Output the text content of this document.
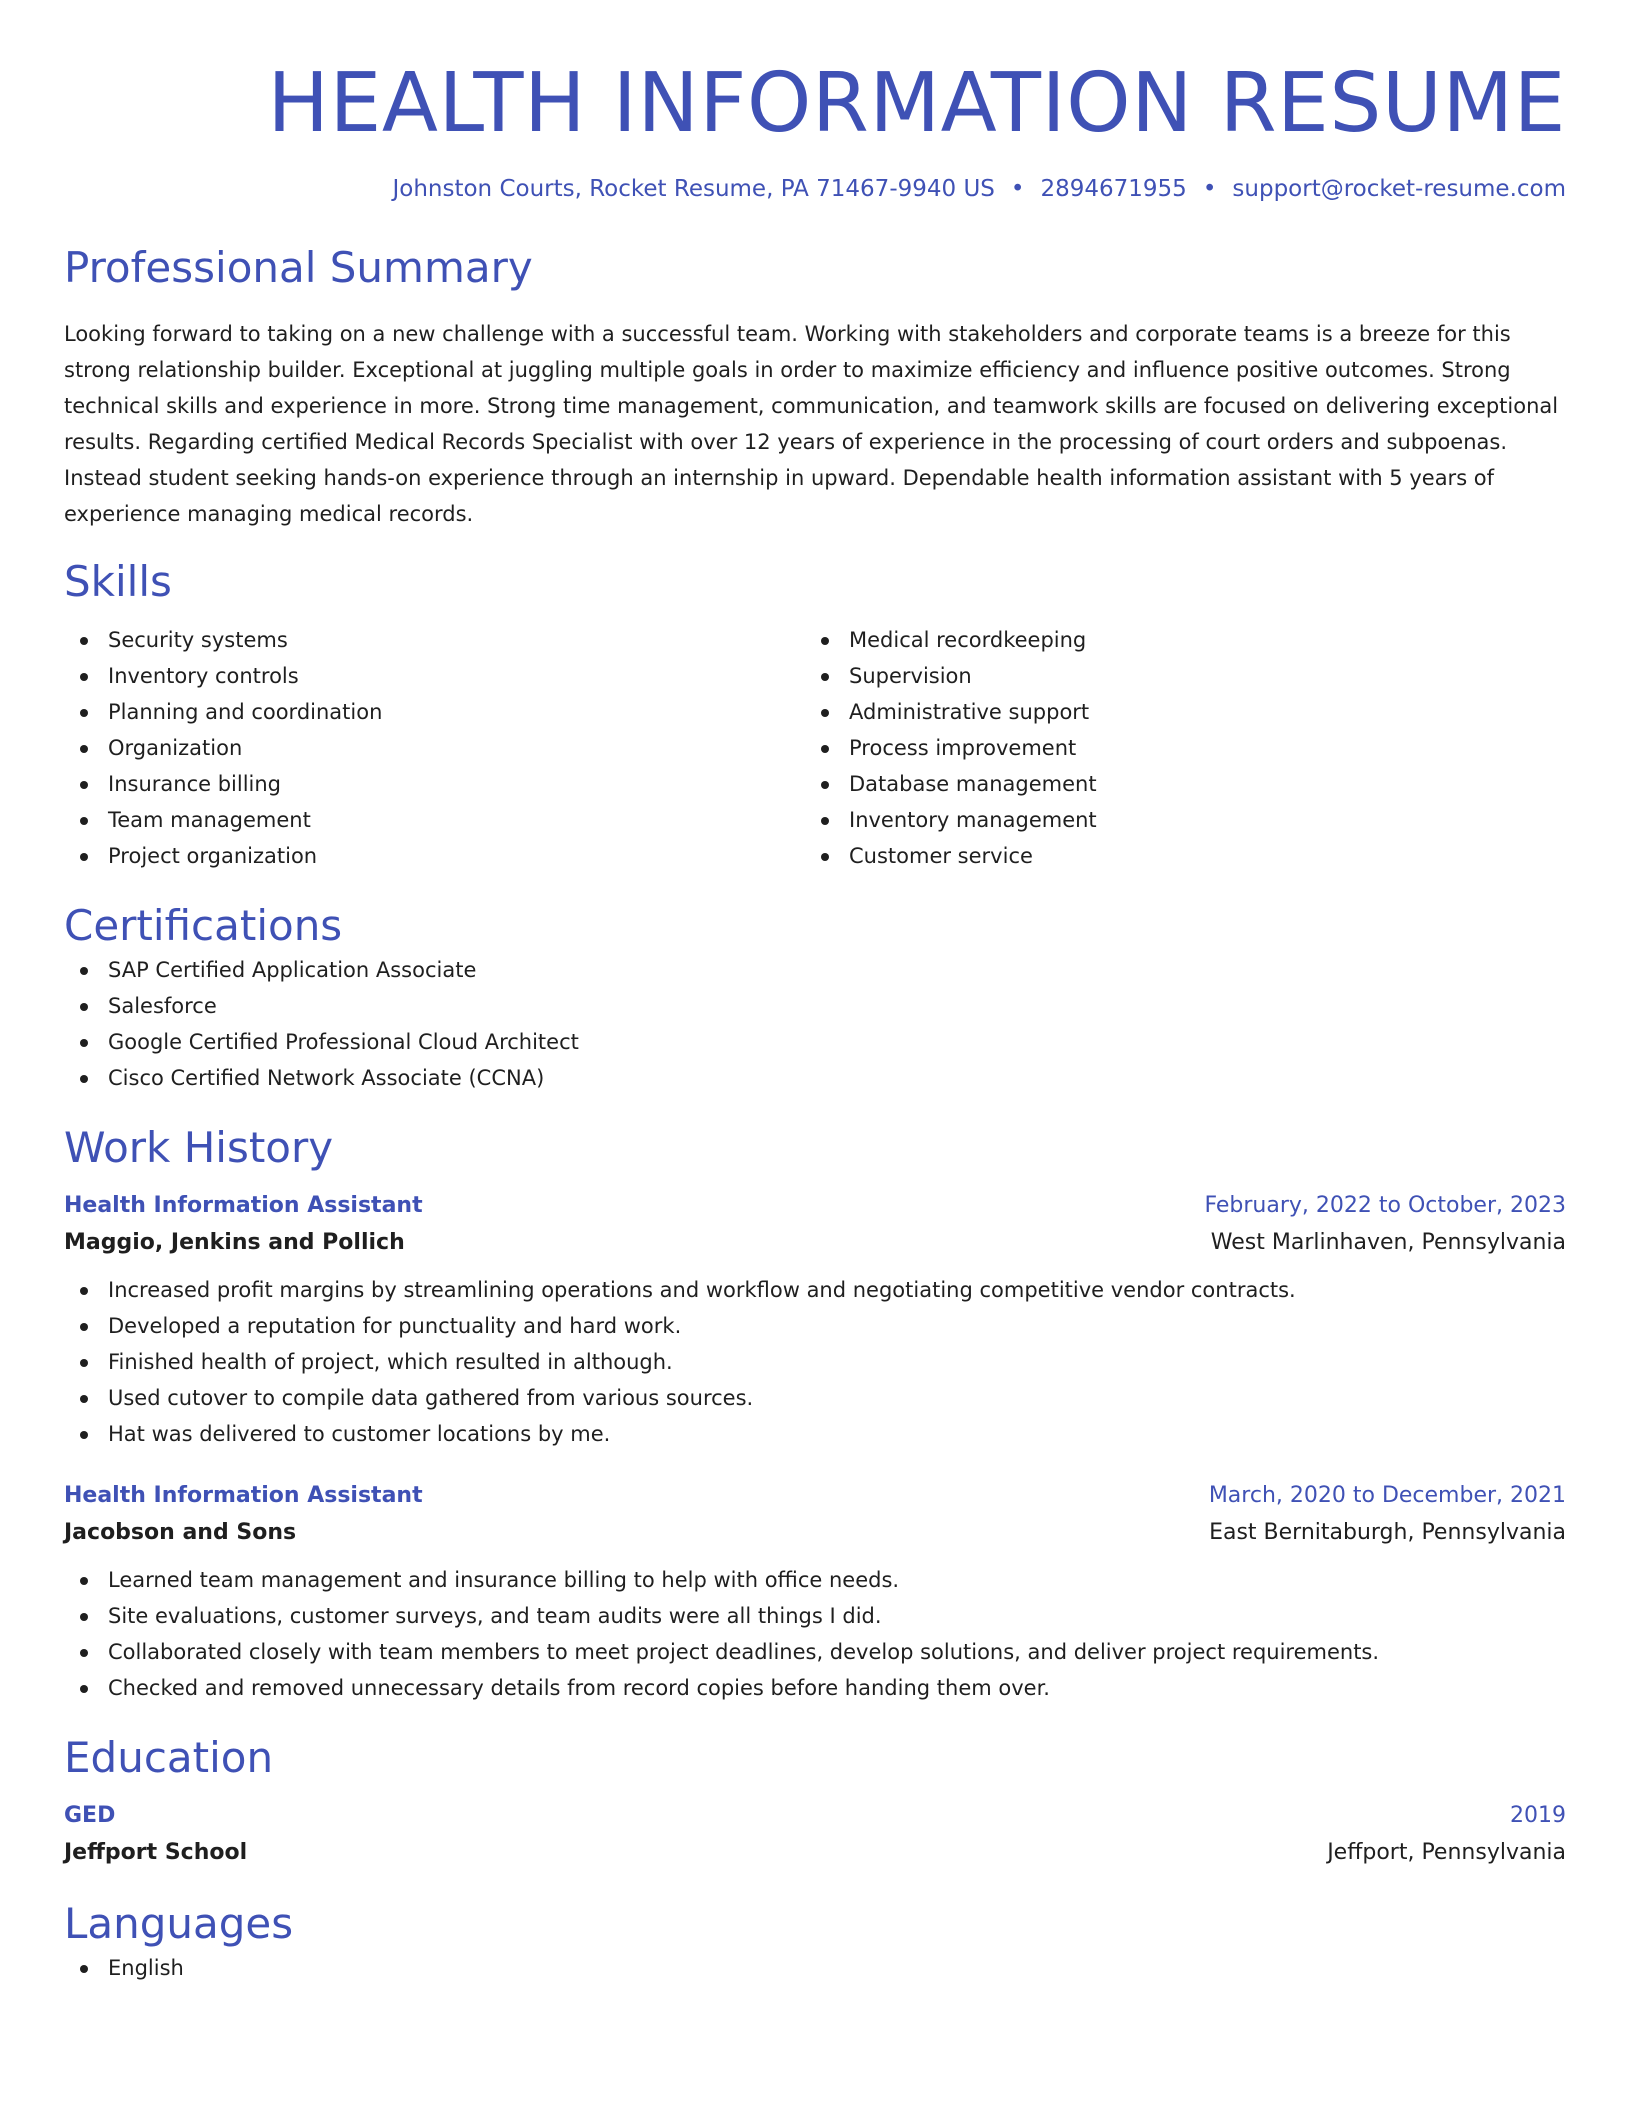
HEALTH INFORMATION RESUME
Johnston Courts, Rocket Resume, PA 71467-9940 US • 2894671955 • support@rocket-resume.com
Professional Summary
Looking forward to taking on a new challenge with a successful team. Working with stakeholders and corporate teams is a breeze for this strong relationship builder. Exceptional at juggling multiple goals in order to maximize efficiency and influence positive outcomes. Strong technical skills and experience in more. Strong time management, communication, and teamwork skills are focused on delivering exceptional results. Regarding certified Medical Records Specialist with over 12 years of experience in the processing of court orders and subpoenas. Instead student seeking hands-on experience through an internship in upward. Dependable health information assistant with 5 years of experience managing medical records.
Skills
Security systems
Inventory controls
Planning and coordination
Organization
Insurance billing
Team management
Project organization
Medical recordkeeping
Supervision
Administrative support
Process improvement
Database management
Inventory management
Customer service
Certifications
SAP Certified Application Associate
Salesforce
Google Certified Professional Cloud Architect
Cisco Certified Network Associate (CCNA)
Work History
Health Information Assistant	February, 2022 to October, 2023
Maggio, Jenkins and Pollich	West Marlinhaven, Pennsylvania
Increased profit margins by streamlining operations and workflow and negotiating competitive vendor contracts.
Developed a reputation for punctuality and hard work.
Finished health of project, which resulted in although.
Used cutover to compile data gathered from various sources.
Hat was delivered to customer locations by me.
Health Information Assistant	March, 2020 to December, 2021
Jacobson and Sons	East Bernitaburgh, Pennsylvania
Learned team management and insurance billing to help with office needs.
Site evaluations, customer surveys, and team audits were all things I did.
Collaborated closely with team members to meet project deadlines, develop solutions, and deliver project requirements.
Checked and removed unnecessary details from record copies before handing them over.
Education
GED	2019
Jeffport School	Jeffport, Pennsylvania
Languages
English
